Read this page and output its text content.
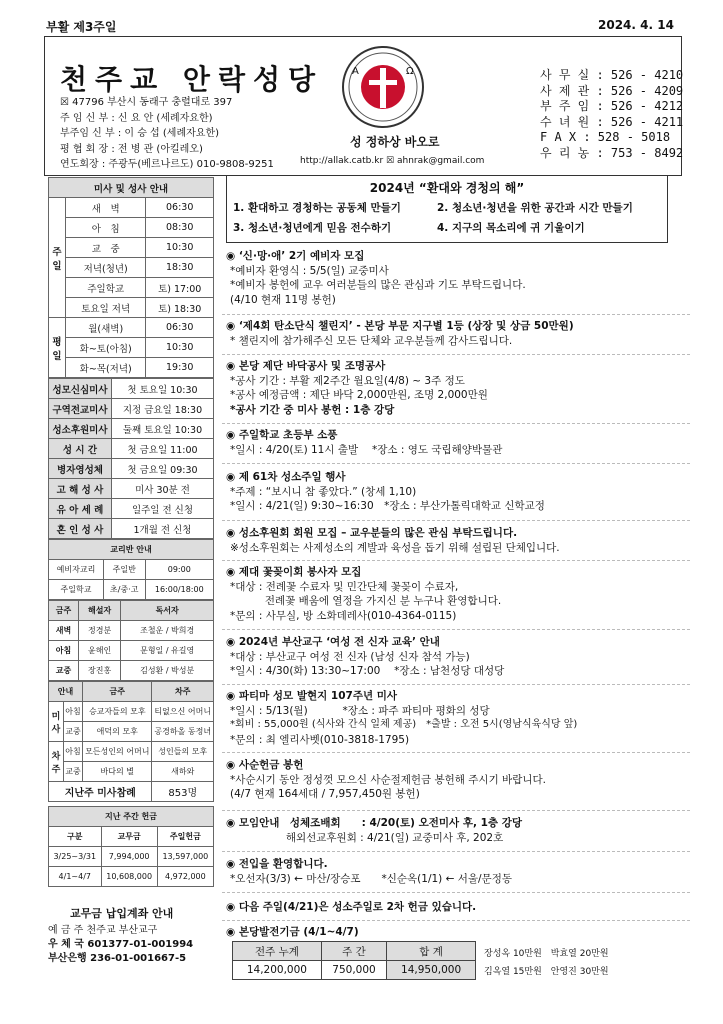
부활 제3주일	2024. 4. 14
천주교 안락성당
☒ 47796 부산시 동래구 충렬대로 397
주 임 신 부 : 신 요 안 (세례자요한)
부주임 신 부 : 이 승 섭 (세례자요한)
평 협 회 장 : 전 병 관 (아킬레오)
연도회장 : 주광두(베르나르도) 010-9808-9251
A	Ω
성 정하상 바오로
http://allak.catb.kr ☒ ahnrak@gmail.com
사 무 실 : 526 - 4210
사 제 관 : 526 - 4209
부 주 임 : 526 - 4212
수 녀 원 : 526 - 4211
F A X : 528 - 5018
우 리 농 : 753 - 8492
미사 및 성사 안내		
주일	새　벽	06:30
	아　침	08:30
	교　중	10:30
	저녁(청년)	18:30
	주일학교	토) 17:00
	토요일 저녁	토) 18:30
평일	월(새벽)	06:30
	화~토(아침)	10:30
	화~목(저녁)	19:30
성모신심미사	첫 토요일 10:30
구역전교미사	지정 금요일 18:30
성소후원미사	둘째 토요일 10:30
성 시 간	첫 금요일 11:00
병자영성체	첫 금요일 09:30
고 해 성 사	미사 30분 전
유 아 세 례	일주일 전 신청
혼 인 성 사	1개월 전 신청
교리반 안내		
예비자교리	주일반	09:00
주일학교	초/중·고	16:00/18:00
금주	해설자	독서자
새벽	정경분	조철운 / 박희경
아침	윤해인	문형일 / 유길영
교중	장진홍	김성환 / 박성분
안내		금주	차주
미사	아침	승교자들의 모후	티없으신 어머니
	교중	애덕의 모후	공경하올 동정녀
차주	아침	모든성인의 어머니	성인들의 모후
	교중	바다의 별	새하와
지난주 미사참례			853명
지난 주간 헌금		
구분	교무금	주일헌금
3/25~3/31	7,994,000	13,597,000
4/1~4/7	10,608,000	4,972,000
교무금 납입계좌 안내
예 금 주 천주교 부산교구
우 체 국 601377-01-001994
부산은행 236-01-001667-5
2024년 “환대와 경청의 해”
1. 환대하고 경청하는 공동체 만들기	2. 청소년·청년을 위한 공간과 시간 만들기
3. 청소년·청년에게 믿음 전수하기	4. 지구의 목소리에 귀 기울이기
◉ ‘신·망·애’ 2기 예비자 모집
*예비자 환영식 : 5/5(일) 교중미사
*예비자 봉헌에 교우 여러분들의 많은 관심과 기도 부탁드립니다.
(4/10 현재 11명 봉헌)
◉ ‘제4회 탄소단식 챌린지’ - 본당 부문 지구별 1등 (상장 및 상금 50만원)
* 챌린지에 참가해주신 모든 단체와 교우분들께 감사드립니다.
◉ 본당 제단 바닥공사 및 조명공사
*공사 기간 : 부활 제2주간 월요일(4/8) ~ 3주 정도
*공사 예정금액 : 제단 바닥 2,000만원, 조명 2,000만원
*공사 기간 중 미사 봉헌 : 1층 강당
◉ 주일학교 초등부 소풍
*일시 : 4/20(토) 11시 출발　 *장소 : 영도 국립해양박물관
◉ 제 61차 성소주일 행사
*주제 : “보시니 참 좋았다.” (창세 1,10)
*일시 : 4/21(일) 9:30~16:30　*장소 : 부산가톨릭대학교 신학교정
◉ 성소후원회 회원 모집 – 교우분들의 많은 관심 부탁드립니다.
※성소후원회는 사제성소의 계발과 육성을 돕기 위해 설립된 단체입니다.
◉ 제대 꽃꽂이회 봉사자 모집
*대상 : 전례꽃 수료자 및 민간단체 꽃꽂이 수료자,
　　　 전례꽃 배움에 열정을 가지신 분 누구나 환영합니다.
*문의 : 사무실, 방 소화데레사(010-4364-0115)
◉ 2024년 부산교구 ‘여성 전 신자 교육’ 안내
*대상 : 부산교구 여성 전 신자 (남성 신자 참석 가능)
*일시 : 4/30(화) 13:30~17:00　 *장소 : 남천성당 대성당
◉ 파티마 성모 발현지 107주년 미사
*일시 : 5/13(월)　　　 *장소 : 파주 파티마 평화의 성당
*회비 : 55,000원 (식사와 간식 일체 제공)　*출발 : 오전 5시(영남식육식당 앞)
*문의 : 최 엘리사벳(010-3818-1795)
◉ 사순헌금 봉헌
*사순시기 동안 정성껏 모으신 사순절제헌금 봉헌해 주시기 바랍니다.
(4/7 현재 164세대 / 7,957,450원 봉헌)
◉ 모임안내　성체조배회　　: 4/20(토) 오전미사 후, 1층 강당
　　　　　 해외선교후원회 : 4/21(일) 교중미사 후, 202호
◉ 전입을 환영합니다.
*오선자(3/3) ← 마산/장승포　　*신순옥(1/1) ← 서울/문정동
◉ 다음 주일(4/21)은 성소주일로 2차 헌금 있습니다.
◉ 본당발전기금 (4/1~4/7)
전주 누계	주 간	합 계
14,200,000	750,000	14,950,000
장성옥 10만원　박효열 20만원
김옥열 15만원　안영진 30만원
